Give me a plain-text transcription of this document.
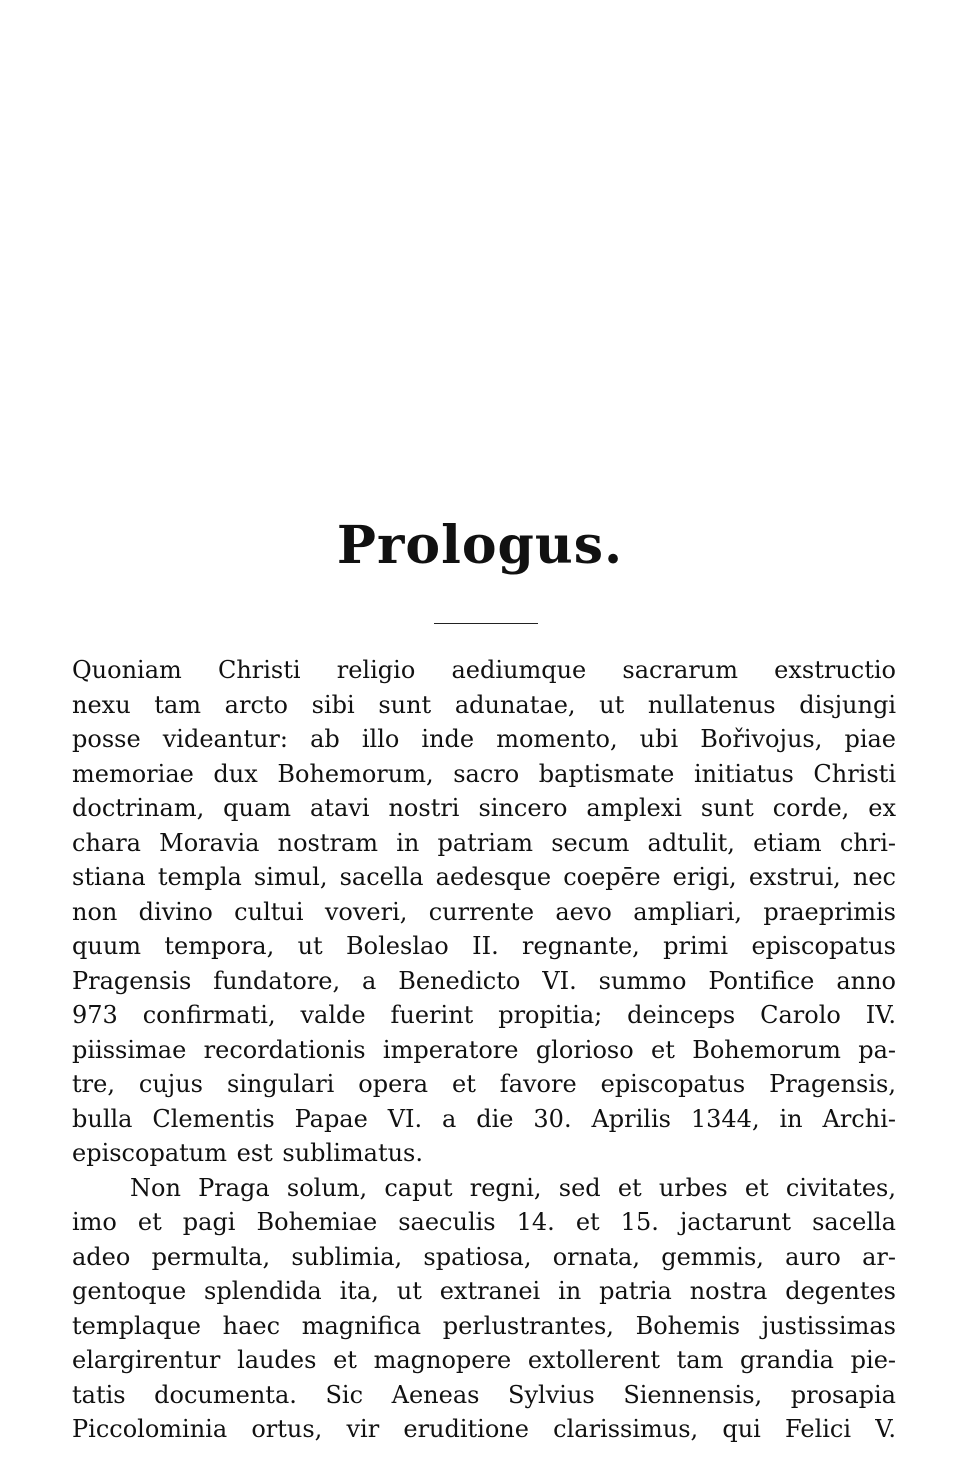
Prologus.
Quoniam Christi religio aediumque sacrarum exstructio
nexu tam arcto sibi sunt adunatae, ut nullatenus disjungi
posse videantur: ab illo inde momento, ubi Bořivojus, piae
memoriae dux Bohemorum, sacro baptismate initiatus Christi
doctrinam, quam atavi nostri sincero amplexi sunt corde, ex
chara Moravia nostram in patriam secum adtulit, etiam chri-
stiana templa simul, sacella aedesque coepēre erigi, exstrui, nec
non divino cultui voveri, currente aevo ampliari, praeprimis
quum tempora, ut Boleslao II. regnante, primi episcopatus
Pragensis fundatore, a Benedicto VI. summo Pontifice anno
973 confirmati, valde fuerint propitia; deinceps Carolo IV.
piissimae recordationis imperatore glorioso et Bohemorum pa-
tre, cujus singulari opera et favore episcopatus Pragensis,
bulla Clementis Papae VI. a die 30. Aprilis 1344, in Archi-
episcopatum est sublimatus.
Non Praga solum, caput regni, sed et urbes et civitates,
imo et pagi Bohemiae saeculis 14. et 15. jactarunt sacella
adeo permulta, sublimia, spatiosa, ornata, gemmis, auro ar-
gentoque splendida ita, ut extranei in patria nostra degentes
templaque haec magnifica perlustrantes, Bohemis justissimas
elargirentur laudes et magnopere extollerent tam grandia pie-
tatis documenta. Sic Aeneas Sylvius Siennensis, prosapia
Piccolominia ortus, vir eruditione clarissimus, qui Felici V.
